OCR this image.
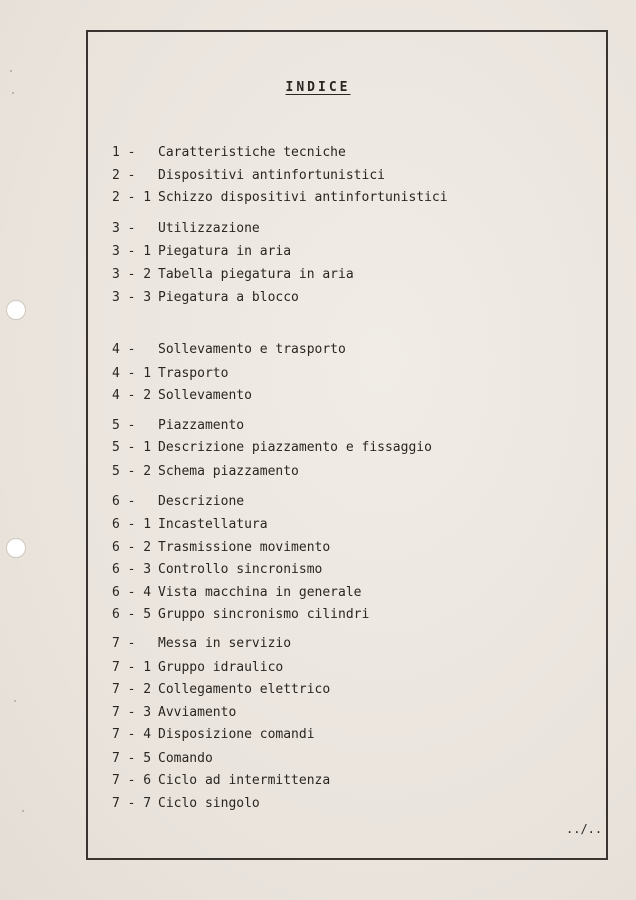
INDICE
1 - Caratteristiche tecniche
2 - Dispositivi antinfortunistici
2 - 1 Schizzo dispositivi antinfortunistici
3 - Utilizzazione
3 - 1 Piegatura in aria
3 - 2 Tabella piegatura in aria
3 - 3 Piegatura a blocco
4 - Sollevamento e trasporto
4 - 1 Trasporto
4 - 2 Sollevamento
5 - Piazzamento
5 - 1 Descrizione piazzamento e fissaggio
5 - 2 Schema piazzamento
6 - Descrizione
6 - 1 Incastellatura
6 - 2 Trasmissione movimento
6 - 3 Controllo sincronismo
6 - 4 Vista macchina in generale
6 - 5 Gruppo sincronismo cilindri
7 - Messa in servizio
7 - 1 Gruppo idraulico
7 - 2 Collegamento elettrico
7 - 3 Avviamento
7 - 4 Disposizione comandi
7 - 5 Comando
7 - 6 Ciclo ad intermittenza
7 - 7 Ciclo singolo
../..
